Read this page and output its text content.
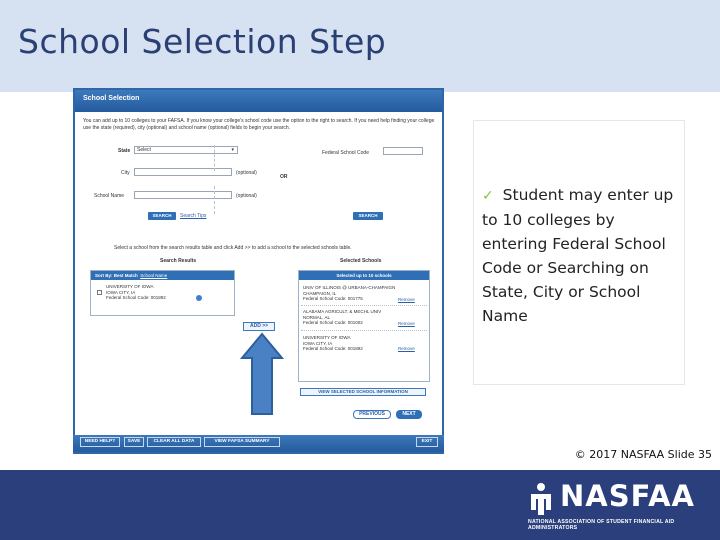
School Selection Step
School Selection
You can add up to 10 colleges to your FAFSA. If you know your college's school code use the option to the right to search. If you need help finding your college use the state (required), city (optional) and school name (optional) fields to begin your search.
State	Select	▾
City	(optional)
School Name	(optional)
OR
Federal School Code
SEARCH	Search Tips	SEARCH
Select a school from the search results table and click Add >> to add a school to the selected schools table.
Search Results	Selected Schools
Sort By: Best Match School Name
UNIVERSITY OF IOWA
IOWA CITY, IA
Federal School Code: 001892
Selected up to 10 schools
UNIV OF ILLINOIS @ URBANA-CHAMPAIGN
CHAMPAIGN, IL
Federal School Code: 001775	Remove
ALABAMA AGRICULT. & MECHL UNIV
NORMAL, AL
Federal School Code: 001002	Remove
UNIVERSITY OF IOWA
IOWA CITY, IA
Federal School Code: 001892	Remove
ADD >>
VIEW SELECTED SCHOOL INFORMATION
PREVIOUS	NEXT
NEED HELP?	SAVE	CLEAR ALL DATA	VIEW FAFSA SUMMARY	EXIT
✓ Student may enter up to 10 colleges by entering Federal School Code or Searching on State, City or School Name
© 2017 NASFAA Slide 35
NASFAA
NATIONAL ASSOCIATION OF STUDENT FINANCIAL AID ADMINISTRATORS
